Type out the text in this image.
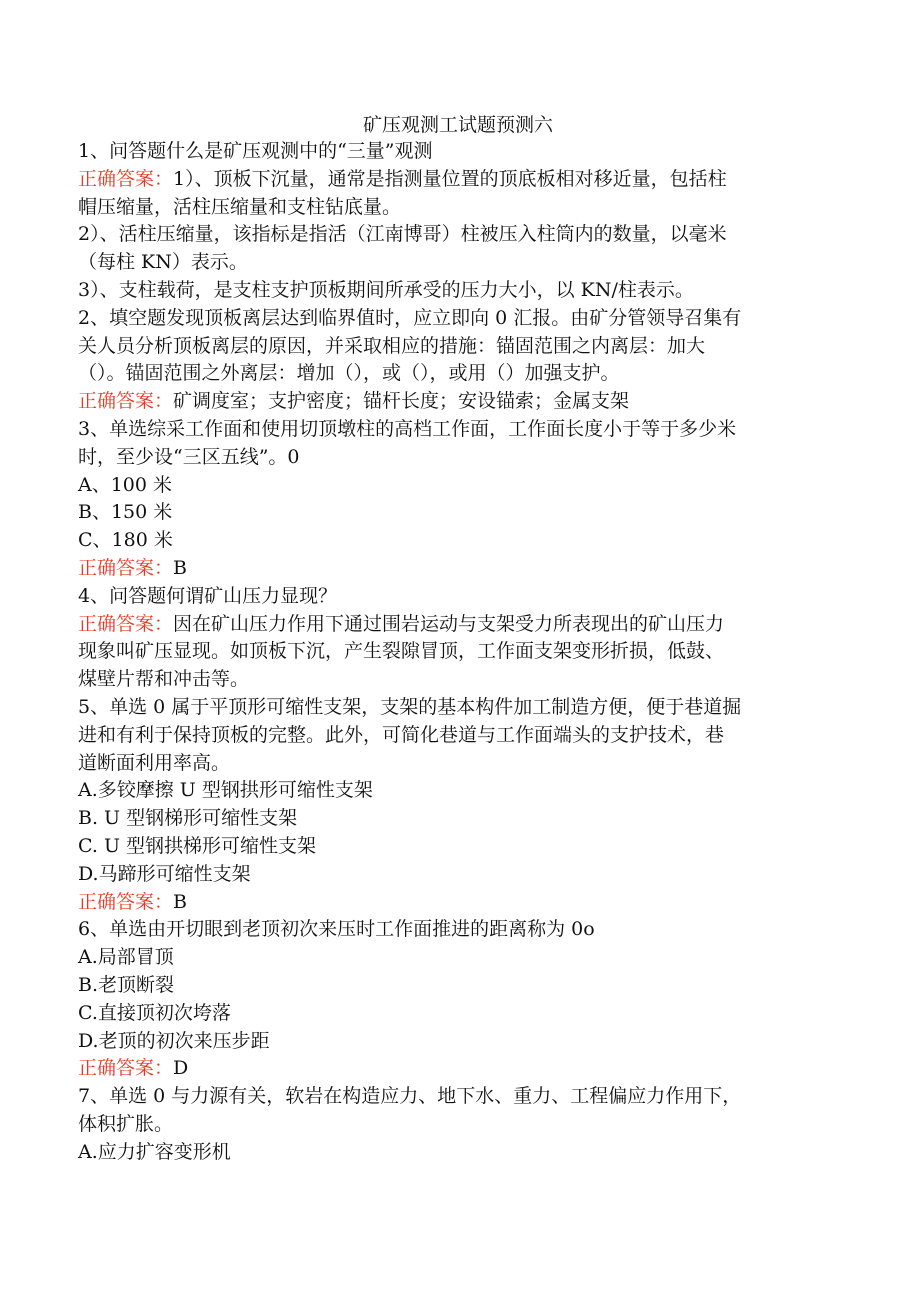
矿压观测工试题预测六

1、问答题什么是矿压观测中的“三量”观测

正确答案：1）、顶板下沉量，通常是指测量位置的顶底板相对移近量，包括柱

帽压缩量，活柱压缩量和支柱钻底量。

2）、活柱压缩量，该指标是指活（江南博哥）柱被压入柱筒内的数量，以毫米

（每柱 KN）表示。

3）、支柱载荷，是支柱支护顶板期间所承受的压力大小，以 KN/柱表示。

2、填空题发现顶板离层达到临界值时，应立即向 0 汇报。由矿分管领导召集有

关人员分析顶板离层的原因，并采取相应的措施：锚固范围之内离层：加大

（）。锚固范围之外离层：增加（），或（），或用（）加强支护。

正确答案：矿调度室；支护密度；锚杆长度；安设锚索；金属支架

3、单选综采工作面和使用切顶墩柱的高档工作面，工作面长度小于等于多少米

时，至少设“三区五线”。0

A、100 米

B、150 米

C、180 米

正确答案：B

4、问答题何谓矿山压力显现？

正确答案：因在矿山压力作用下通过围岩运动与支架受力所表现出的矿山压力

现象叫矿压显现。如顶板下沉，产生裂隙冒顶，工作面支架变形折损，低鼓、

煤壁片帮和冲击等。

5、单选 0 属于平顶形可缩性支架，支架的基本构件加工制造方便，便于巷道掘

进和有利于保持顶板的完整。此外，可简化巷道与工作面端头的支护技术，巷

道断面利用率高。

A.多铰摩擦 U 型钢拱形可缩性支架

B. U 型钢梯形可缩性支架

C. U 型钢拱梯形可缩性支架

D.马蹄形可缩性支架

正确答案：B

6、单选由开切眼到老顶初次来压时工作面推进的距离称为 0o

A.局部冒顶

B.老顶断裂

C.直接顶初次垮落

D.老顶的初次来压步距

正确答案：D

7、单选 0 与力源有关，软岩在构造应力、地下水、重力、工程偏应力作用下，

体积扩胀。

A.应力扩容变形机
